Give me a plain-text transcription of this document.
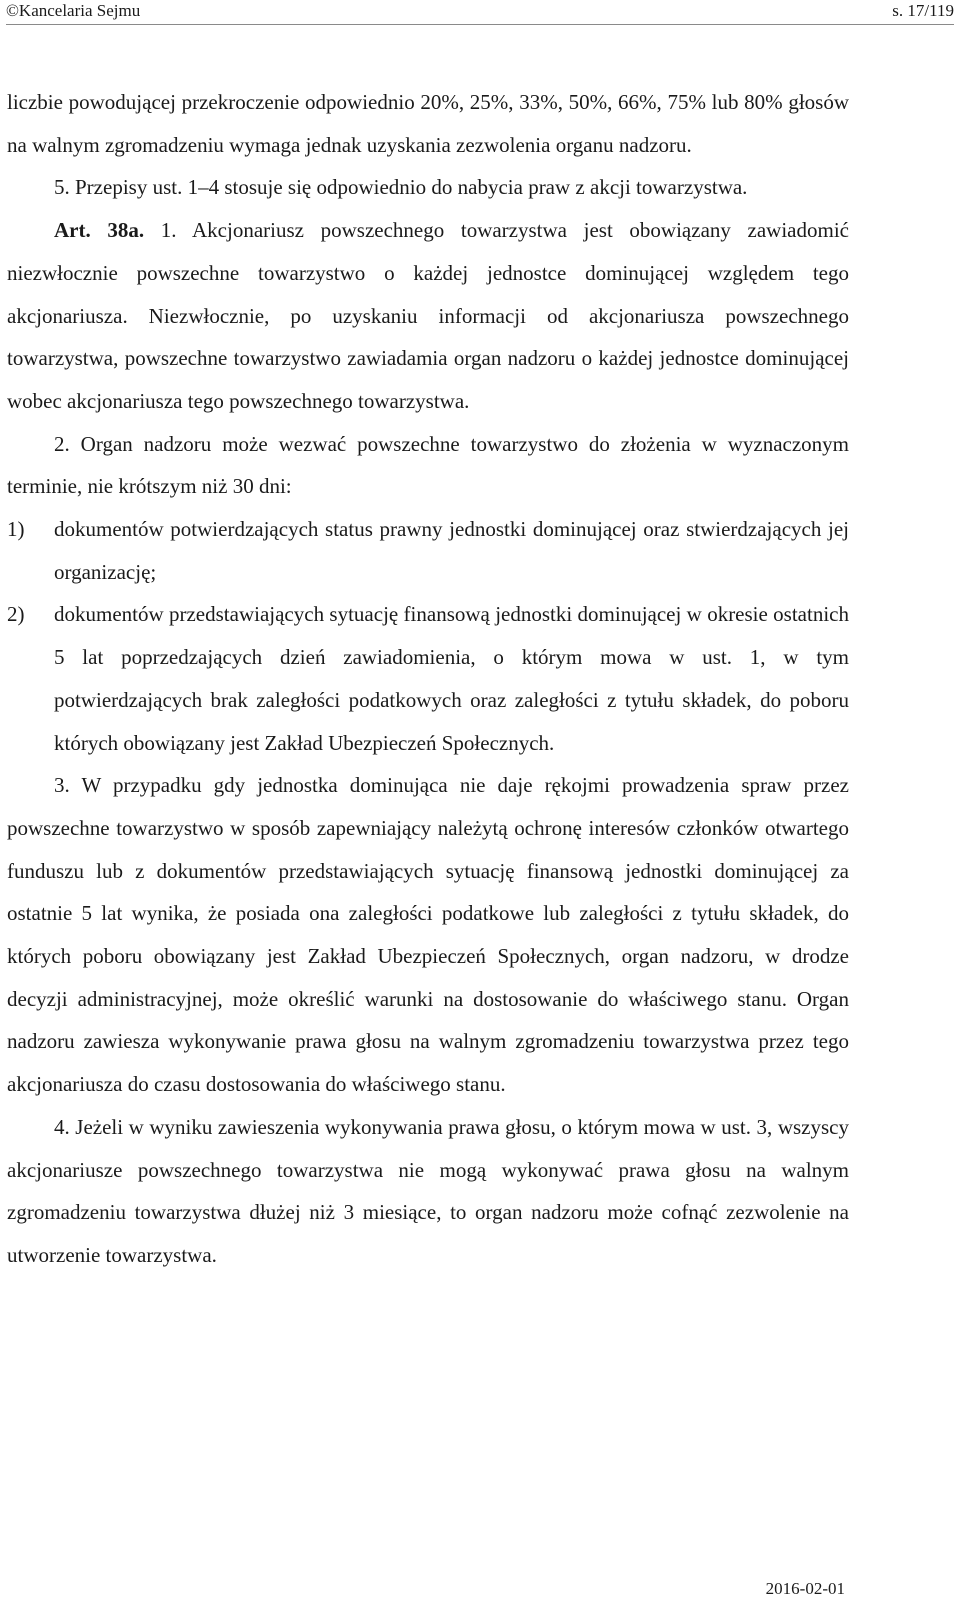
©Kancelaria Sejmu	s. 17/119

liczbie powodującej przekroczenie odpowiednio 20%, 25%, 33%, 50%, 66%, 75% lub 80% głosów na walnym zgromadzeniu wymaga jednak uzyskania zezwolenia organu nadzoru.

5. Przepisy ust. 1–4 stosuje się odpowiednio do nabycia praw z akcji towarzystwa.

Art. 38a. 1. Akcjonariusz powszechnego towarzystwa jest obowiązany zawiadomić niezwłocznie powszechne towarzystwo o każdej jednostce dominującej względem tego akcjonariusza. Niezwłocznie, po uzyskaniu informacji od akcjonariusza powszechnego towarzystwa, powszechne towarzystwo zawiadamia organ nadzoru o każdej jednostce dominującej wobec akcjonariusza tego powszechnego towarzystwa.

2. Organ nadzoru może wezwać powszechne towarzystwo do złożenia w wyznaczonym terminie, nie krótszym niż 30 dni:

1)	dokumentów potwierdzających status prawny jednostki dominującej oraz stwierdzających jej organizację;
2)	dokumentów przedstawiających sytuację finansową jednostki dominującej w okresie ostatnich 5 lat poprzedzających dzień zawiadomienia, o którym mowa w ust. 1, w tym potwierdzających brak zaległości podatkowych oraz zaległości z tytułu składek, do poboru których obowiązany jest Zakład Ubezpieczeń Społecznych.

3. W przypadku gdy jednostka dominująca nie daje rękojmi prowadzenia spraw przez powszechne towarzystwo w sposób zapewniający należytą ochronę interesów członków otwartego funduszu lub z dokumentów przedstawiających sytuację finansową jednostki dominującej za ostatnie 5 lat wynika, że posiada ona zaległości podatkowe lub zaległości z tytułu składek, do których poboru obowiązany jest Zakład Ubezpieczeń Społecznych, organ nadzoru, w drodze decyzji administracyjnej, może określić warunki na dostosowanie do właściwego stanu. Organ nadzoru zawiesza wykonywanie prawa głosu na walnym zgromadzeniu towarzystwa przez tego akcjonariusza do czasu dostosowania do właściwego stanu.

4. Jeżeli w wyniku zawieszenia wykonywania prawa głosu, o którym mowa w ust. 3, wszyscy akcjonariusze powszechnego towarzystwa nie mogą wykonywać prawa głosu na walnym zgromadzeniu towarzystwa dłużej niż 3 miesiące, to organ nadzoru może cofnąć zezwolenie na utworzenie towarzystwa.

2016-02-01
